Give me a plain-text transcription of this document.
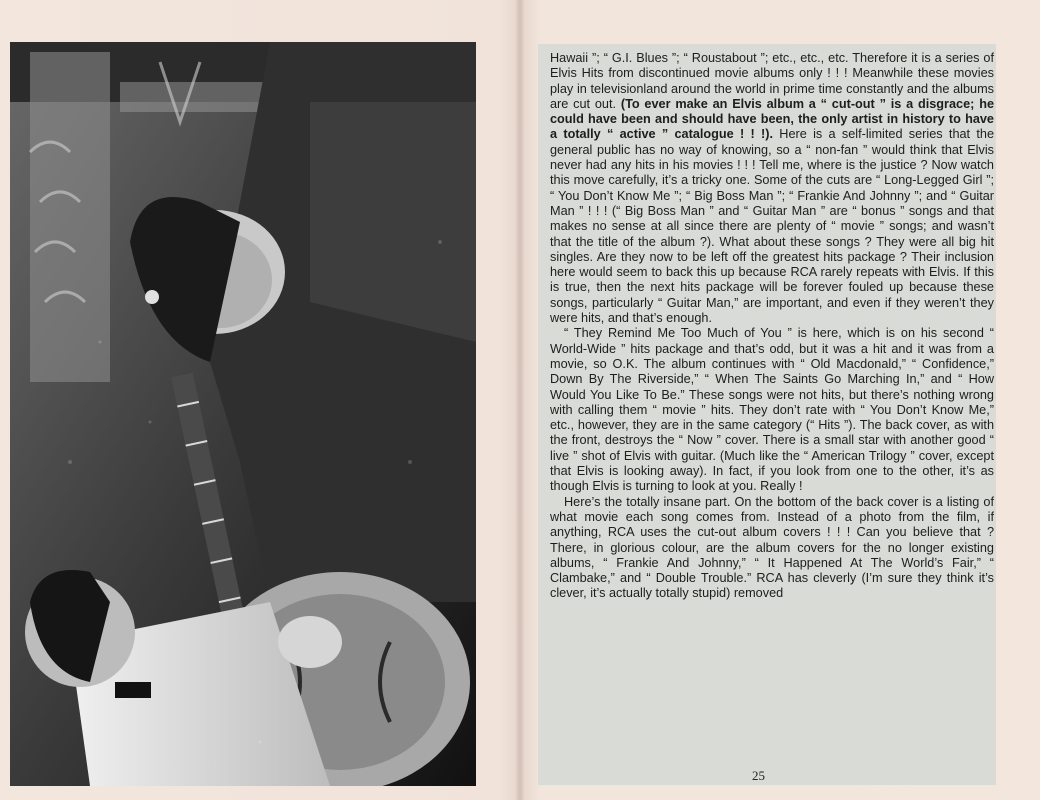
Hawaii ”; “ G.I. Blues ”; “ Roustabout ”; etc., etc., etc. Therefore it is a series of Elvis Hits from discontinued movie albums only ! ! ! Meanwhile these movies play in televisionland around the world in prime time constantly and the albums are cut out. (To ever make an Elvis album a “ cut-out ” is a disgrace; he could have been and should have been, the only artist in history to have a totally “ active ” catalogue ! ! !). Here is a self-limited series that the general public has no way of knowing, so a “ non-fan ” would think that Elvis never had any hits in his movies ! ! ! Tell me, where is the justice ? Now watch this move carefully, it’s a tricky one. Some of the cuts are “ Long-Legged Girl ”; “ You Don’t Know Me ”; “ Big Boss Man ”; “ Frankie And Johnny ”; and “ Guitar Man ” ! ! ! (“ Big Boss Man ” and “ Guitar Man ” are “ bonus ” songs and that makes no sense at all since there are plenty of “ movie ” songs; and wasn’t that the title of the album ?). What about these songs ? They were all big hit singles. Are they now to be left off the greatest hits package ? Their inclusion here would seem to back this up because RCA rarely repeats with Elvis. If this is true, then the next hits package will be forever fouled up because these songs, particularly “ Guitar Man,” are important, and even if they weren’t they were hits, and that’s enough.

“ They Remind Me Too Much of You ” is here, which is on his second “ World-Wide ” hits package and that’s odd, but it was a hit and it was from a movie, so O.K. The album continues with “ Old Macdonald,” “ Confidence,” Down By The Riverside,” “ When The Saints Go Marching In,” and “ How Would You Like To Be.” These songs were not hits, but there’s nothing wrong with calling them “ movie ” hits. They don’t rate with “ You Don’t Know Me,” etc., however, they are in the same category (“ Hits ”). The back cover, as with the front, destroys the “ Now ” cover. There is a small star with another good “ live ” shot of Elvis with guitar. (Much like the “ American Trilogy ” cover, except that Elvis is looking away). In fact, if you look from one to the other, it’s as though Elvis is turning to look at you. Really !

Here’s the totally insane part. On the bottom of the back cover is a listing of what movie each song comes from. Instead of a photo from the film, if anything, RCA uses the cut-out album covers ! ! ! Can you believe that ? There, in glorious colour, are the album covers for the no longer existing albums, “ Frankie And Johnny,” “ It Happened At The World’s Fair,” “ Clambake,” and “ Double Trouble.” RCA has cleverly (I’m sure they think it’s clever, it’s actually totally stupid) removed

25
